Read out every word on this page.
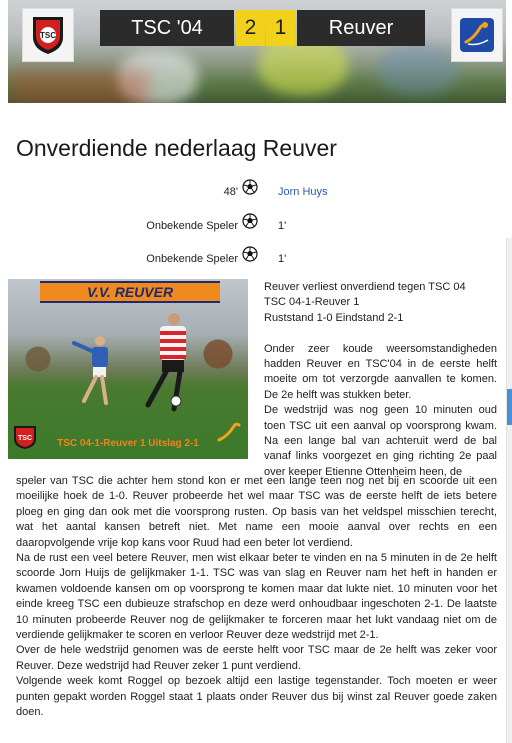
TSC	TSC '04	2 1	Reuver
Onverdiende nederlaag Reuver
48'	Jorn Huys
Onbekende Speler	1'
Onbekende Speler	1'
V.V. REUVER
TSC	TSC 04-1-Reuver 1 Uitslag 2-1

Reuver verliest onverdiend tegen TSC 04

TSC 04-1-Reuver 1

Ruststand 1-0 Eindstand 2-1

Onder zeer koude weersomstandigheden hadden Reuver en TSC'04 in de eerste helft moeite om tot verzorgde aanvallen te komen. De 2e helft was stukken beter.

De wedstrijd was nog geen 10 minuten oud toen TSC uit een aanval op voorsprong kwam. Na een lange bal van achteruit werd de bal vanaf links voorgezet en ging richting 2e paal over keeper Etienne Ottenheim heen, de

speler van TSC die achter hem stond kon er met een lange teen nog net bij en scoorde uit een moeilijke hoek de 1-0. Reuver probeerde het wel maar TSC was de eerste helft de iets betere ploeg en ging dan ook met die voorsprong rusten. Op basis van het veldspel misschien terecht, wat het aantal kansen betreft niet. Met name een mooie aanval over rechts en een daaropvolgende vrije kop kans voor Ruud had een beter lot verdiend.

Na de rust een veel betere Reuver, men wist elkaar beter te vinden en na 5 minuten in de 2e helft scoorde Jorn Huijs de gelijkmaker 1-1. TSC was van slag en Reuver nam het heft in handen er kwamen voldoende kansen om op voorsprong te komen maar dat lukte niet. 10 minuten voor het einde kreeg TSC een dubieuze strafschop en deze werd onhoudbaar ingeschoten 2-1. De laatste 10 minuten probeerde Reuver nog de gelijkmaker te forceren maar het lukt vandaag niet om de verdiende gelijkmaker te scoren en verloor Reuver deze wedstrijd met 2-1.

Over de hele wedstrijd genomen was de eerste helft voor TSC maar de 2e helft was zeker voor Reuver. Deze wedstrijd had Reuver zeker 1 punt verdiend.

Volgende week komt Roggel op bezoek altijd een lastige tegenstander. Toch moeten er weer punten gepakt worden Roggel staat 1 plaats onder Reuver dus bij winst zal Reuver goede zaken doen.
